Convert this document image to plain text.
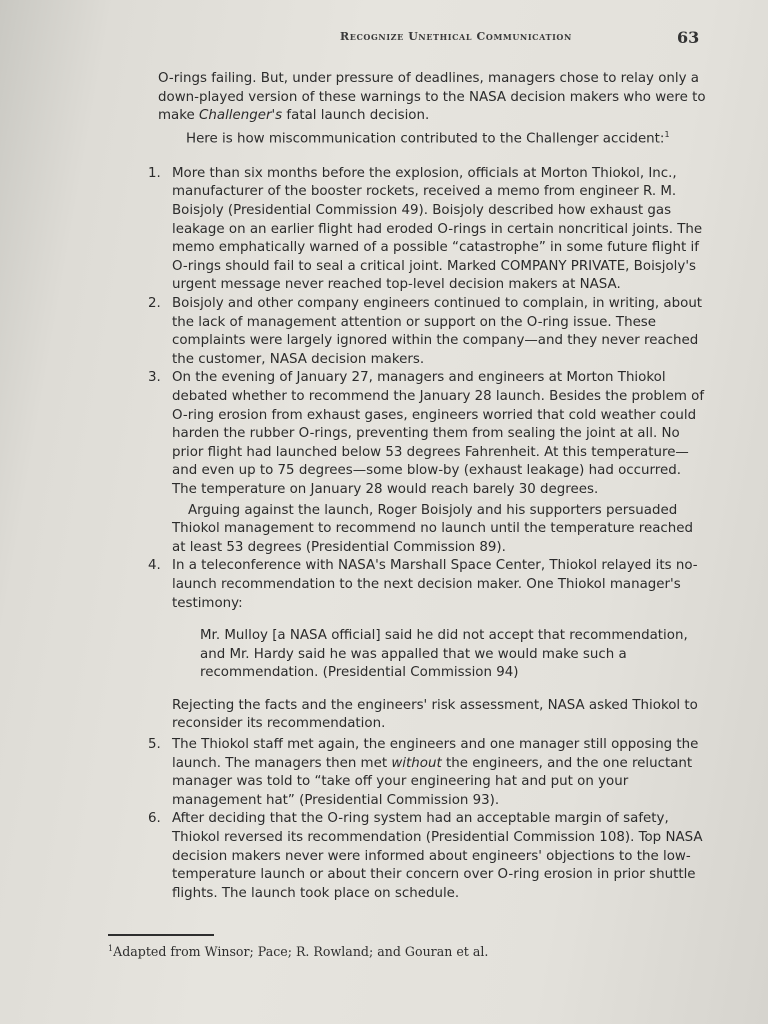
Recognize Unethical Communication	63

O-rings failing. But, under pressure of deadlines, managers chose to relay only a down-played version of these warnings to the NASA decision makers who were to make Challenger's fatal launch decision.

Here is how miscommunication contributed to the Challenger accident:$^1$

1. More than six months before the explosion, officials at Morton Thiokol, Inc., manufacturer of the booster rockets, received a memo from engineer R. M. Boisjoly (Presidential Commission 49). Boisjoly described how exhaust gas leakage on an earlier flight had eroded O-rings in certain noncritical joints. The memo emphatically warned of a possible “catastrophe” in some future flight if O-rings should fail to seal a critical joint. Marked COMPANY PRIVATE, Boisjoly's urgent message never reached top-level decision makers at NASA.
2. Boisjoly and other company engineers continued to complain, in writing, about the lack of management attention or support on the O-ring issue. These complaints were largely ignored within the company—and they never reached the customer, NASA decision makers.
3. On the evening of January 27, managers and engineers at Morton Thiokol debated whether to recommend the January 28 launch. Besides the problem of O-ring erosion from exhaust gases, engineers worried that cold weather could harden the rubber O-rings, preventing them from sealing the joint at all. No prior flight had launched below 53 degrees Fahrenheit. At this temperature—and even up to 75 degrees—some blow-by (exhaust leakage) had occurred. The temperature on January 28 would reach barely 30 degrees.

Arguing against the launch, Roger Boisjoly and his supporters persuaded Thiokol management to recommend no launch until the temperature reached at least 53 degrees (Presidential Commission 89).

4. In a teleconference with NASA's Marshall Space Center, Thiokol relayed its no-launch recommendation to the next decision maker. One Thiokol manager's testimony:

Mr. Mulloy [a NASA official] said he did not accept that recommendation, and Mr. Hardy said he was appalled that we would make such a recommendation. (Presidential Commission 94)

Rejecting the facts and the engineers' risk assessment, NASA asked Thiokol to reconsider its recommendation.

5. The Thiokol staff met again, the engineers and one manager still opposing the launch. The managers then met without the engineers, and the one reluctant manager was told to “take off your engineering hat and put on your management hat” (Presidential Commission 93).
6. After deciding that the O-ring system had an acceptable margin of safety, Thiokol reversed its recommendation (Presidential Commission 108). Top NASA decision makers never were informed about engineers' objections to the low-temperature launch or about their concern over O-ring erosion in prior shuttle flights. The launch took place on schedule.
$^1$Adapted from Winsor; Pace; R. Rowland; and Gouran et al.
